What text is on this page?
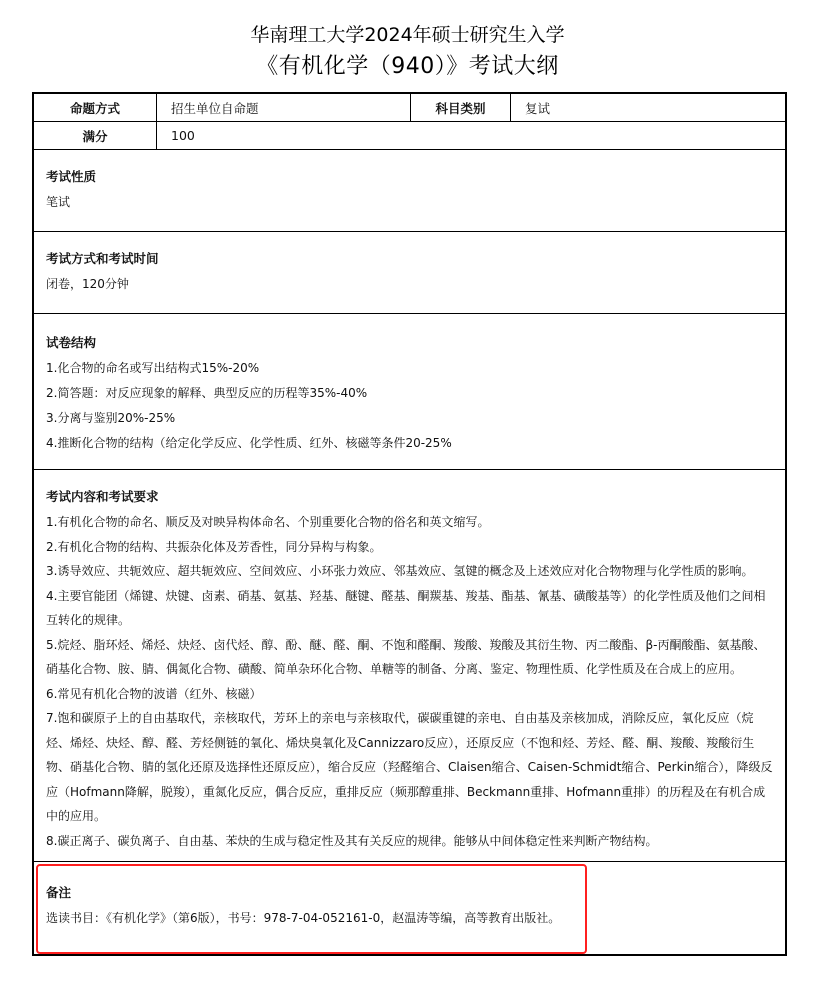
华南理工大学2024年硕士研究生入学
《有机化学（940）》考试大纲
命题方式	招生单位自命题	科目类别	复试
满分	100
考试性质
笔试
考试方式和考试时间
闭卷，120分钟
试卷结构
1.化合物的命名或写出结构式15%-20%
2.简答题：对反应现象的解释、典型反应的历程等35%-40%
3.分离与鉴别20%-25%
4.推断化合物的结构（给定化学反应、化学性质、红外、核磁等条件20-25%
考试内容和考试要求
1.有机化合物的命名、顺反及对映异构体命名、个别重要化合物的俗名和英文缩写。
2.有机化合物的结构、共振杂化体及芳香性，同分异构与构象。
3.诱导效应、共轭效应、超共轭效应、空间效应、小环张力效应、邻基效应、氢键的概念及上述效应对化合物物理与化学性质的影响。
4.主要官能团（烯键、炔键、卤素、硝基、氨基、羟基、醚键、醛基、酮羰基、羧基、酯基、氰基、磺酸基等）的化学性质及他们之间相互转化的规律。
5.烷烃、脂环烃、烯烃、炔烃、卤代烃、醇、酚、醚、醛、酮、不饱和醛酮、羧酸、羧酸及其衍生物、丙二酸酯、β-丙酮酸酯、氨基酸、硝基化合物、胺、腈、偶氮化合物、磺酸、简单杂环化合物、单糖等的制备、分离、鉴定、物理性质、化学性质及在合成上的应用。
6.常见有机化合物的波谱（红外、核磁）
7.饱和碳原子上的自由基取代，亲核取代，芳环上的亲电与亲核取代，碳碳重键的亲电、自由基及亲核加成，消除反应，氧化反应（烷烃、烯烃、炔烃、醇、醛、芳烃侧链的氧化、烯炔臭氧化及Cannizzaro反应），还原反应（不饱和烃、芳烃、醛、酮、羧酸、羧酸衍生物、硝基化合物、腈的氢化还原及选择性还原反应），缩合反应（羟醛缩合、Claisen缩合、Caisen-Schmidt缩合、Perkin缩合），降级反应（Hofmann降解，脱羧），重氮化反应，偶合反应，重排反应（频那醇重排、Beckmann重排、Hofmann重排）的历程及在有机合成中的应用。
8.碳正离子、碳负离子、自由基、苯炔的生成与稳定性及其有关反应的规律。能够从中间体稳定性来判断产物结构。
备注
选读书目：《有机化学》（第6版），书号：978-7-04-052161-0，赵温涛等编，高等教育出版社。
